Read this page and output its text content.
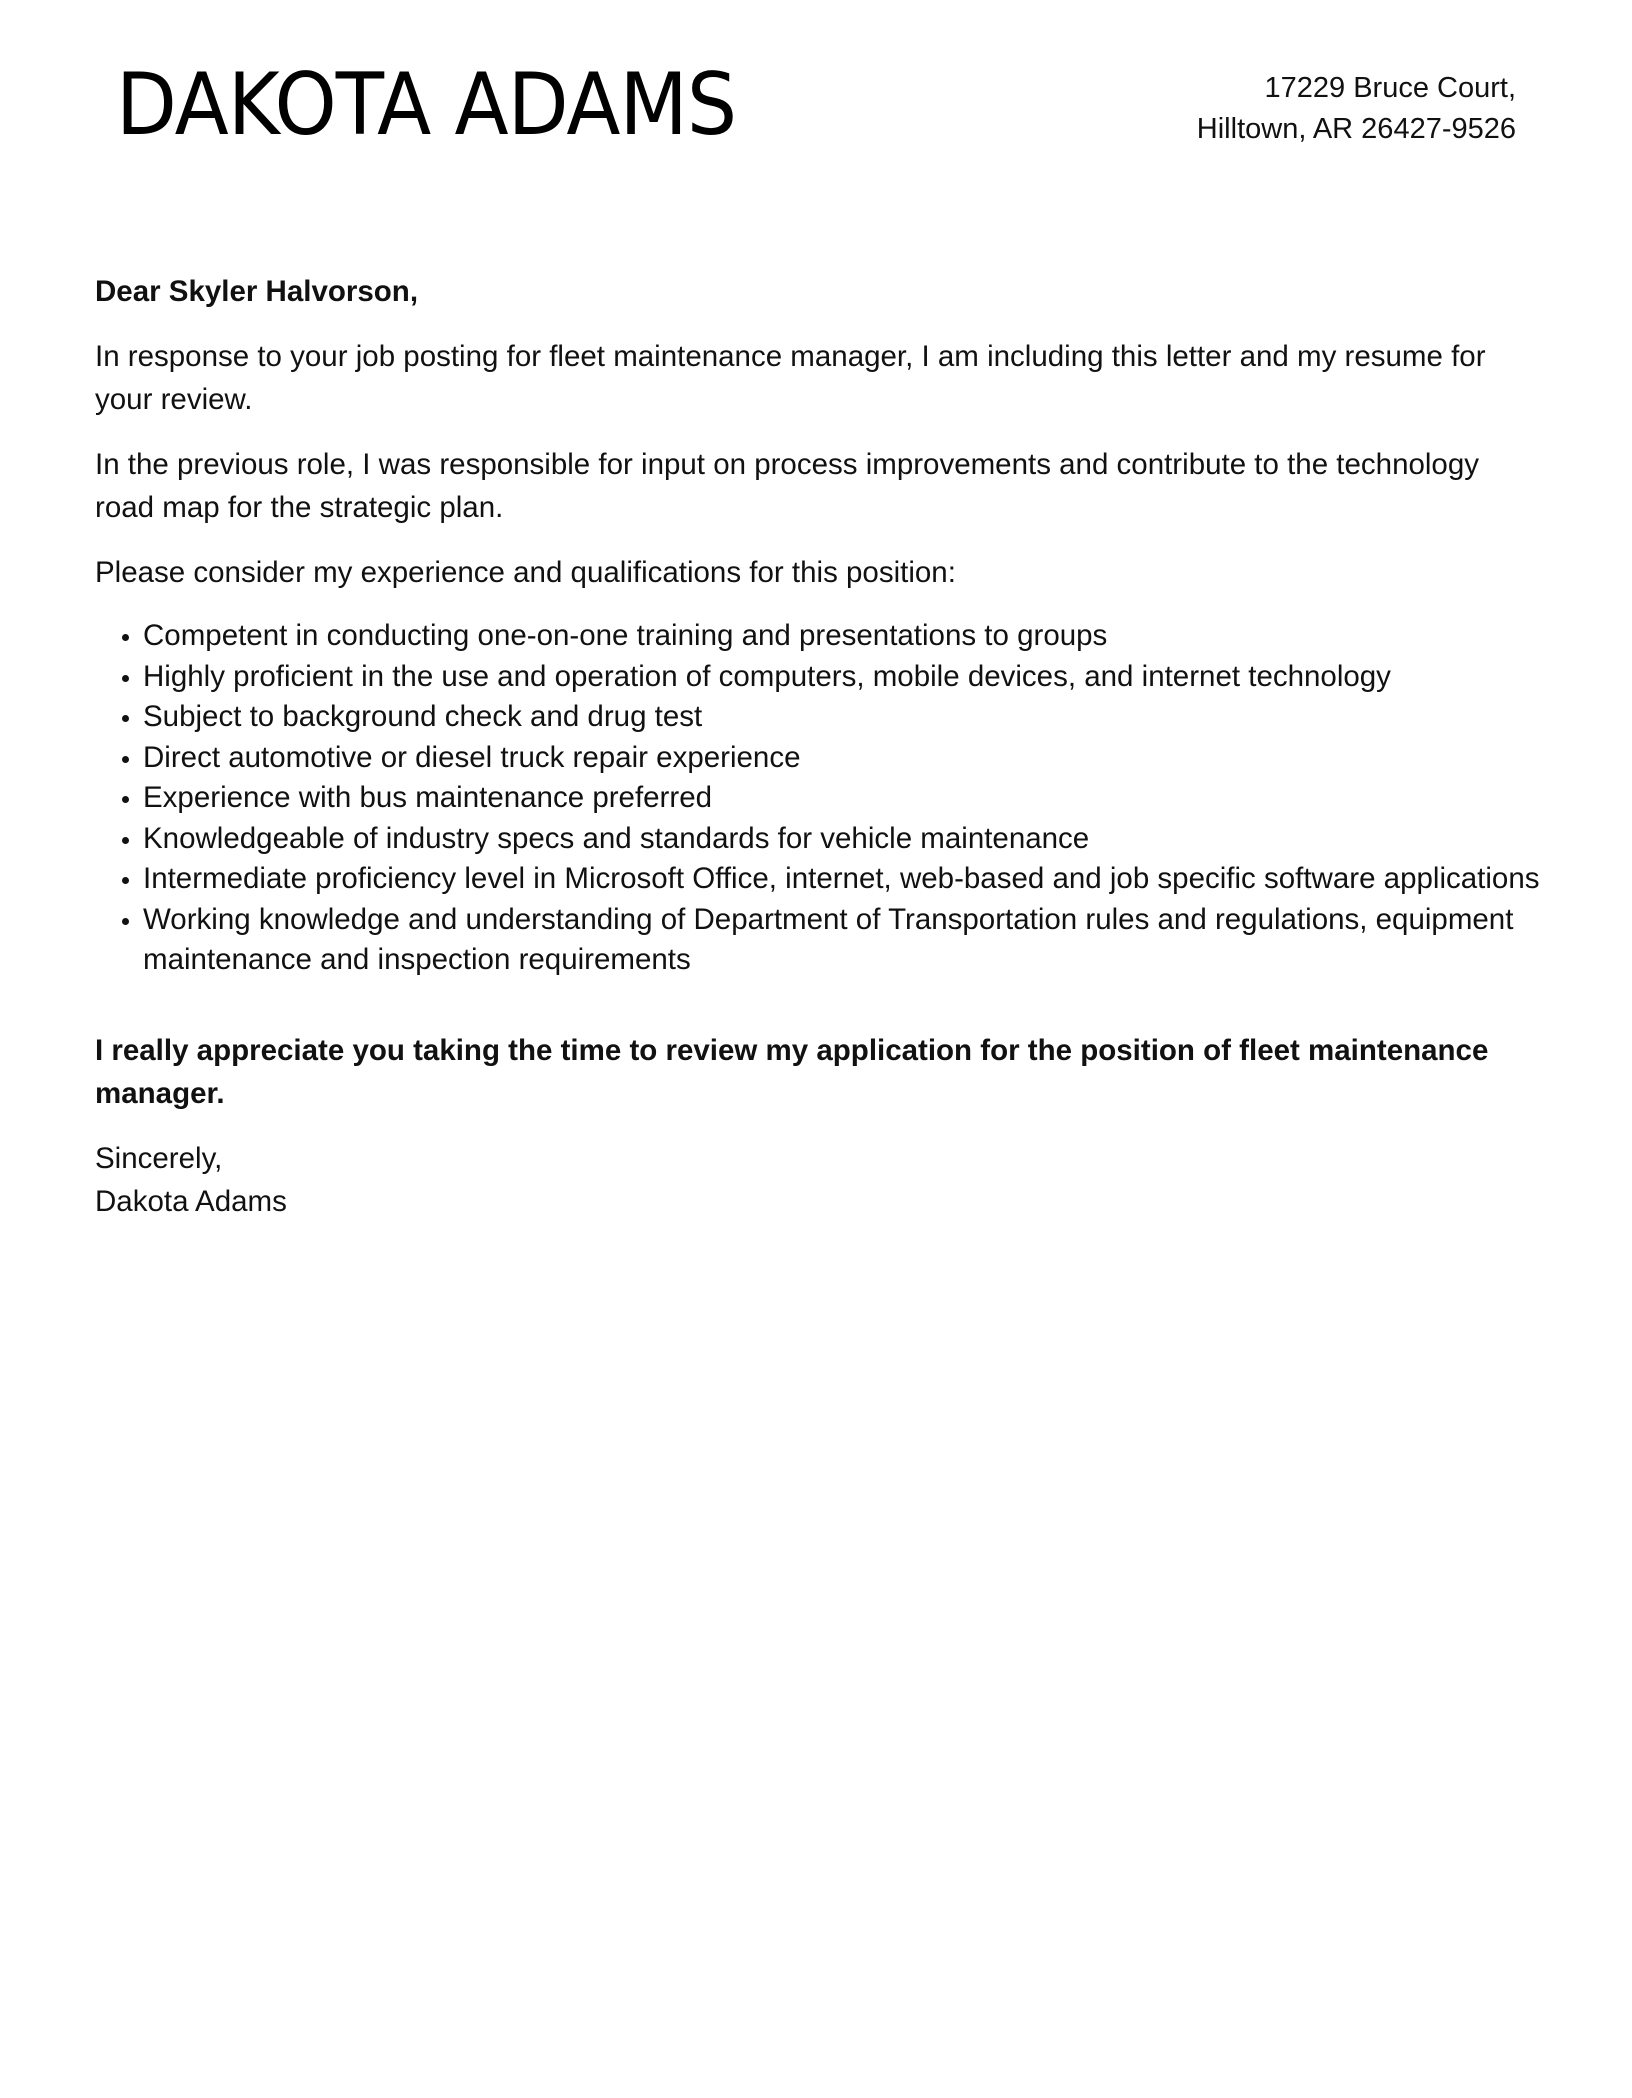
DAKOTA ADAMS	17229 Bruce Court,
Hilltown, AR 26427-9526

Dear Skyler Halvorson,

In response to your job posting for fleet maintenance manager, I am including this letter and my resume for your review.

In the previous role, I was responsible for input on process improvements and contribute to the technology road map for the strategic plan.

Please consider my experience and qualifications for this position:

• Competent in conducting one-on-one training and presentations to groups
• Highly proficient in the use and operation of computers, mobile devices, and internet technology
• Subject to background check and drug test
• Direct automotive or diesel truck repair experience
• Experience with bus maintenance preferred
• Knowledgeable of industry specs and standards for vehicle maintenance
• Intermediate proficiency level in Microsoft Office, internet, web-based and job specific software applications
• Working knowledge and understanding of Department of Transportation rules and regulations, equipment maintenance and inspection requirements

I really appreciate you taking the time to review my application for the position of fleet maintenance manager.

Sincerely,
Dakota Adams
